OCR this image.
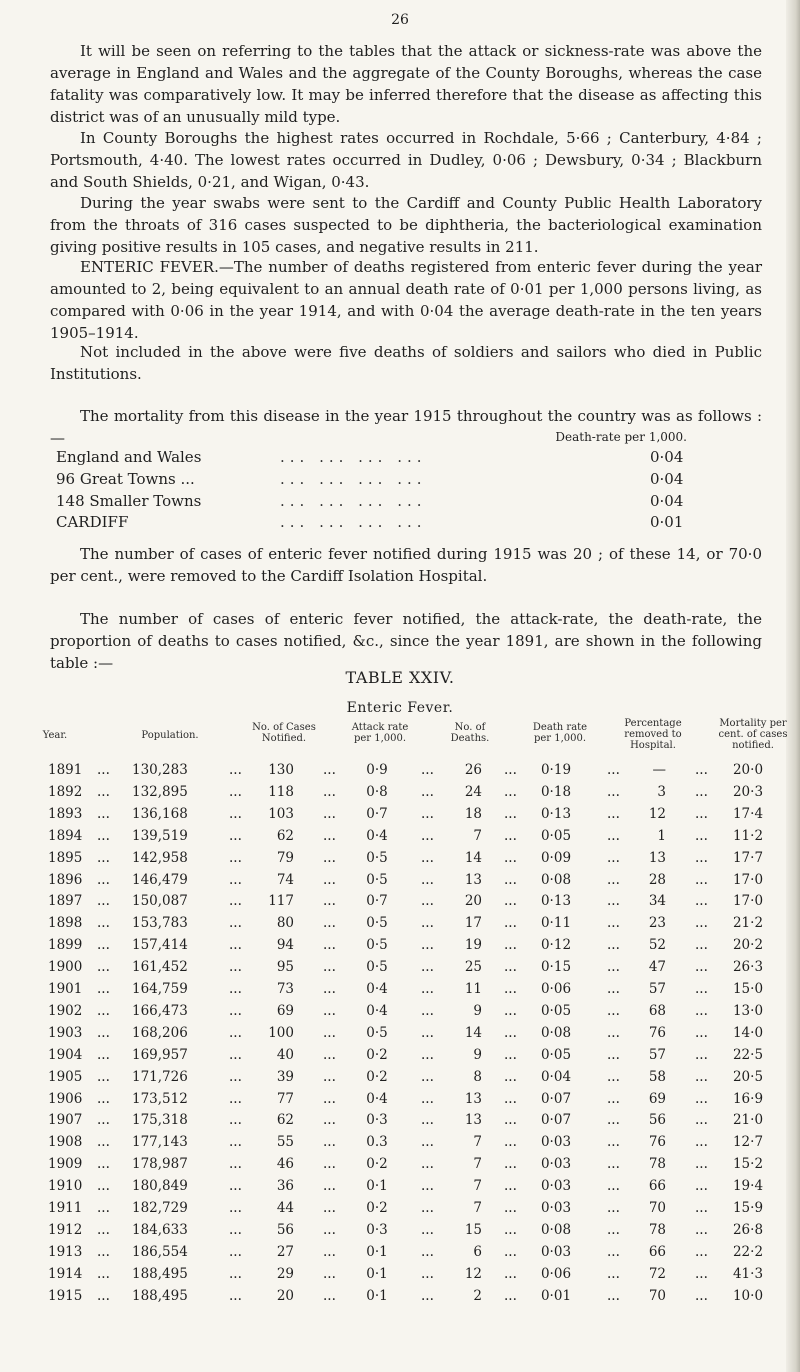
26

It will be seen on referring to the tables that the attack or sickness-rate was above the average in England and Wales and the aggregate of the County Boroughs, whereas the case fatality was comparatively low. It may be inferred therefore that the disease as affecting this district was of an unusually mild type.

In County Boroughs the highest rates occurred in Rochdale, 5·66 ; Canterbury, 4·84 ; Portsmouth, 4·40. The lowest rates occurred in Dudley, 0·06 ; Dewsbury, 0·34 ; Blackburn and South Shields, 0·21, and Wigan, 0·43.

During the year swabs were sent to the Cardiff and County Public Health Laboratory from the throats of 316 cases suspected to be diphtheria, the bacteriological examination giving positive results in 105 cases, and negative results in 211.

ENTERIC FEVER.—The number of deaths registered from enteric fever during the year amounted to 2, being equivalent to an annual death rate of 0·01 per 1,000 persons living, as compared with 0·06 in the year 1914, and with 0·04 the average death-rate in the ten years 1905–1914.

Not included in the above were five deaths of soldiers and sailors who died in Public Institutions.

The mortality from this disease in the year 1915 throughout the country was as follows :—	Death-rate per 1,000.
England and Wales	... ... ... ...	0·04
96 Great Towns ...	... ... ... ...	0·04
148 Smaller Towns	... ... ... ...	0·04
CARDIFF	... ... ... ...	0·01

The number of cases of enteric fever notified during 1915 was 20 ; of these 14, or 70·0 per cent., were removed to the Cardiff Isolation Hospital.

The number of cases of enteric fever notified, the attack-rate, the death-rate, the proportion of deaths to cases notified, &c., since the year 1891, are shown in the following table :—

TABLE XXIV.
Enteric Fever.
Year.	Population.
No. of Cases Notified.
Attack rate per 1,000.
No. of Deaths.
Death rate per 1,000.
Percentage removed to Hospital.
Mortality per cent. of cases notified.
1891 ... 130,283	...	130 ...	0·9	...	26 ...	0·19	...	— ...	20·0
1892 ... 132,895	...	118 ...	0·8	...	24 ...	0·18	...	3 ...	20·3
1893 ... 136,168	...	103 ...	0·7	...	18 ...	0·13	...	12 ...	17·4
1894 ... 139,519	...	62 ...	0·4	...	7 ...	0·05	...	1 ...	11·2
1895 ... 142,958	...	79 ...	0·5	...	14 ...	0·09	...	13 ...	17·7
1896 ... 146,479	...	74 ...	0·5	...	13 ...	0·08	...	28 ...	17·0
1897 ... 150,087	...	117 ...	0·7	...	20 ...	0·13	...	34 ...	17·0
1898 ... 153,783	...	80 ...	0·5	...	17 ...	0·11	...	23 ...	21·2
1899 ... 157,414	...	94 ...	0·5	...	19 ...	0·12	...	52 ...	20·2
1900 ... 161,452	...	95 ...	0·5	...	25 ...	0·15	...	47 ...	26·3
1901 ... 164,759	...	73 ...	0·4	...	11 ...	0·06	...	57 ...	15·0
1902 ... 166,473	...	69 ...	0·4	...	9 ...	0·05	...	68 ...	13·0
1903 ... 168,206	...	100 ...	0·5	...	14 ...	0·08	...	76 ...	14·0
1904 ... 169,957	...	40 ...	0·2	...	9 ...	0·05	...	57 ...	22·5
1905 ... 171,726	...	39 ...	0·2	...	8 ...	0·04	...	58 ...	20·5
1906 ... 173,512	...	77 ...	0·4	...	13 ...	0·07	...	69 ...	16·9
1907 ... 175,318	...	62 ...	0·3	...	13 ...	0·07	...	56 ...	21·0
1908 ... 177,143	...	55 ...	0.3	...	7 ...	0·03	...	76 ...	12·7
1909 ... 178,987	...	46 ...	0·2	...	7 ...	0·03	...	78 ...	15·2
1910 ... 180,849	...	36 ...	0·1	...	7 ...	0·03	...	66 ...	19·4
1911 ... 182,729	...	44 ...	0·2	...	7 ...	0·03	...	70 ...	15·9
1912 ... 184,633	...	56 ...	0·3	...	15 ...	0·08	...	78 ...	26·8
1913 ... 186,554	...	27 ...	0·1	...	6 ...	0·03	...	66 ...	22·2
1914 ... 188,495	...	29 ...	0·1	...	12 ...	0·06	...	72 ...	41·3
1915 ... 188,495	...	20 ...	0·1	...	2 ...	0·01	...	70 ...	10·0
